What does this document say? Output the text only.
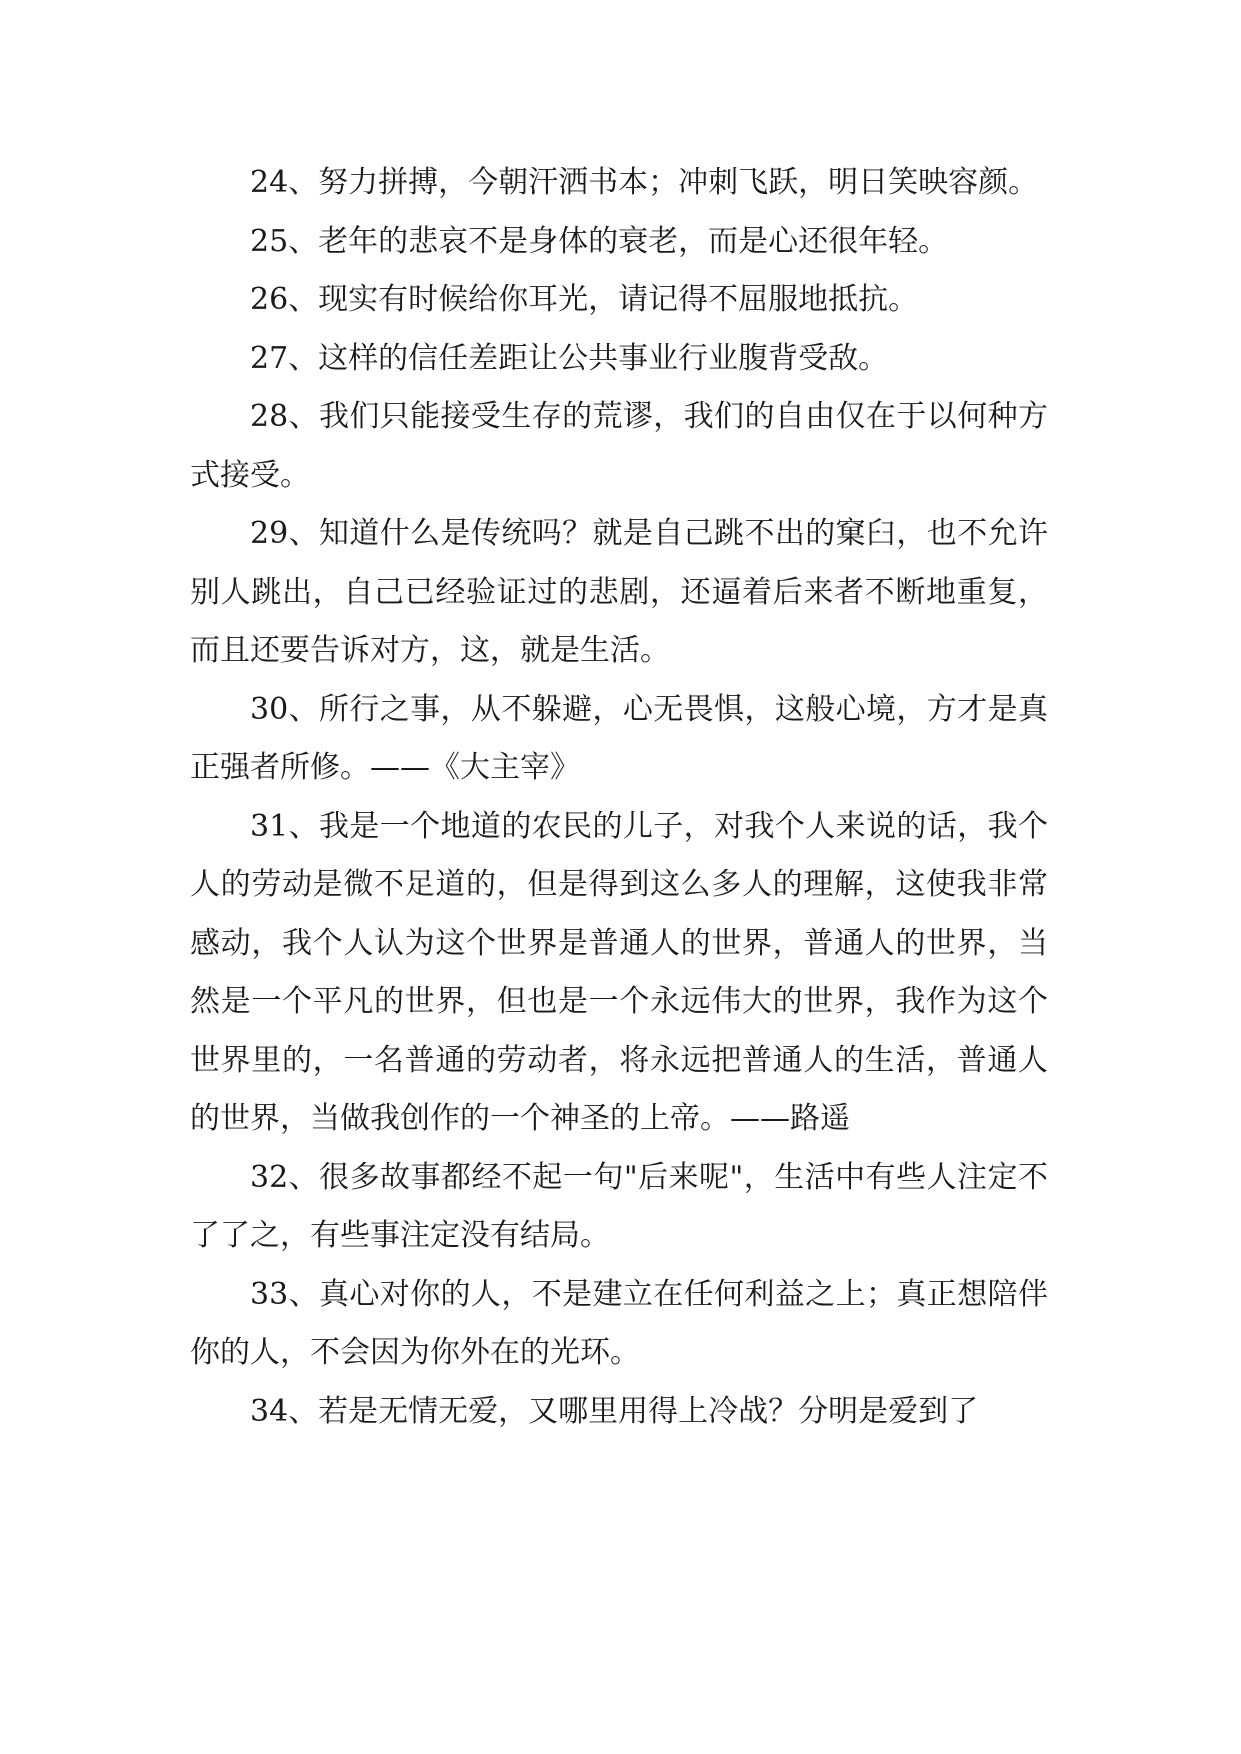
24、努力拼搏，今朝汗洒书本；冲刺飞跃，明日笑映容颜。

25、老年的悲哀不是身体的衰老，而是心还很年轻。

26、现实有时候给你耳光，请记得不屈服地抵抗。

27、这样的信任差距让公共事业行业腹背受敌。

28、我们只能接受生存的荒谬，我们的自由仅在于以何种方式接受。

29、知道什么是传统吗？就是自己跳不出的窠臼，也不允许别人跳出，自己已经验证过的悲剧，还逼着后来者不断地重复，而且还要告诉对方，这，就是生活。

30、所行之事，从不躲避，心无畏惧，这般心境，方才是真正强者所修。——《大主宰》

31、我是一个地道的农民的儿子，对我个人来说的话，我个人的劳动是微不足道的，但是得到这么多人的理解，这使我非常感动，我个人认为这个世界是普通人的世界，普通人的世界，当然是一个平凡的世界，但也是一个永远伟大的世界，我作为这个世界里的，一名普通的劳动者，将永远把普通人的生活，普通人的世界，当做我创作的一个神圣的上帝。——路遥

32、很多故事都经不起一句"后来呢"，生活中有些人注定不了了之，有些事注定没有结局。

33、真心对你的人，不是建立在任何利益之上；真正想陪伴你的人，不会因为你外在的光环。

34、若是无情无爱，又哪里用得上冷战？分明是爱到了
